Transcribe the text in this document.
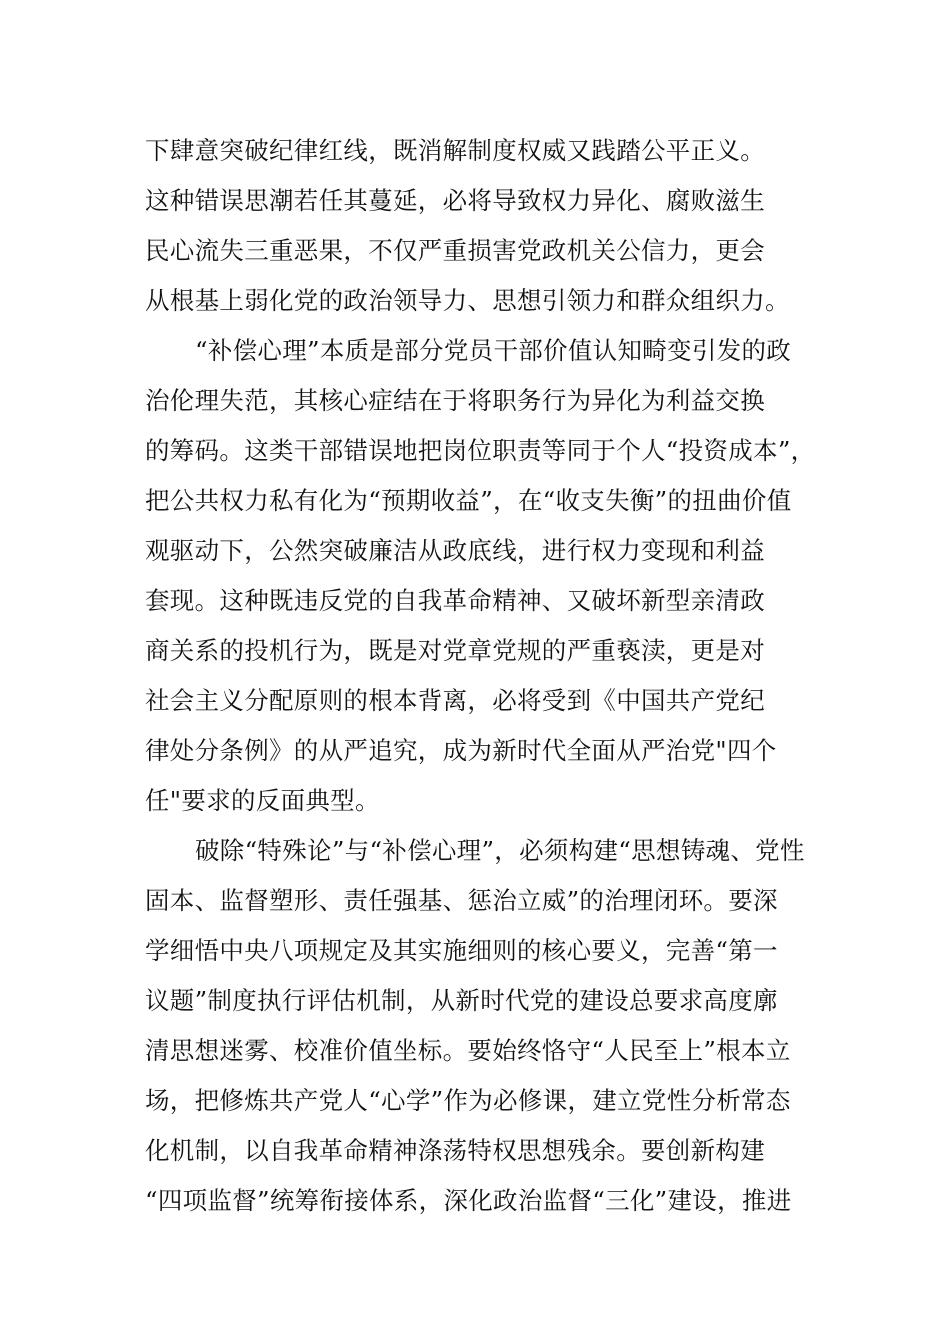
下肆意突破纪律红线，既消解制度权威又践踏公平正义。
这种错误思潮若任其蔓延，必将导致权力异化、腐败滋生
民心流失三重恶果，不仅严重损害党政机关公信力，更会
从根基上弱化党的政治领导力、思想引领力和群众组织力。
“补偿心理”本质是部分党员干部价值认知畸变引发的政
治伦理失范，其核心症结在于将职务行为异化为利益交换
的筹码。这类干部错误地把岗位职责等同于个人“投资成本”，
把公共权力私有化为“预期收益”，在“收支失衡”的扭曲价值
观驱动下，公然突破廉洁从政底线，进行权力变现和利益
套现。这种既违反党的自我革命精神、又破坏新型亲清政
商关系的投机行为，既是对党章党规的严重亵渎，更是对
社会主义分配原则的根本背离，必将受到《中国共产党纪
律处分条例》的从严追究，成为新时代全面从严治党"四个
任"要求的反面典型。
破除“特殊论”与“补偿心理”，必须构建“思想铸魂、党性
固本、监督塑形、责任强基、惩治立威”的治理闭环。要深
学细悟中央八项规定及其实施细则的核心要义，完善“第一
议题”制度执行评估机制，从新时代党的建设总要求高度廓
清思想迷雾、校准价值坐标。要始终恪守“人民至上”根本立
场，把修炼共产党人“心学”作为必修课，建立党性分析常态
化机制，以自我革命精神涤荡特权思想残余。要创新构建
“四项监督”统筹衔接体系，深化政治监督“三化”建设，推进
